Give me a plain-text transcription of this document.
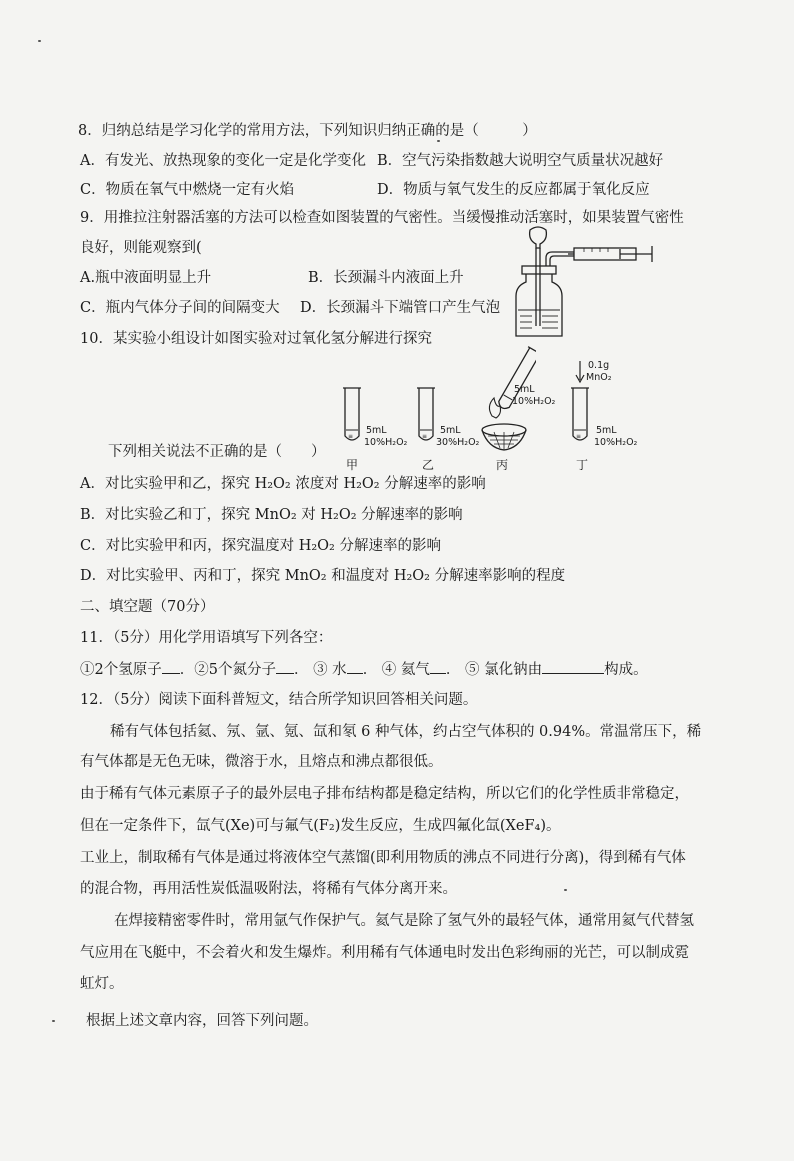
8．归纳总结是学习化学的常用方法，下列知识归纳正确的是（　　　）
A．有发光、放热现象的变化一定是化学变化 B．空气污染指数越大说明空气质量状况越好
C．物质在氧气中燃烧一定有火焰	D．物质与氧气发生的反应都属于氧化反应
9．用推拉注射器活塞的方法可以检查如图装置的气密性。当缓慢推动活塞时，如果装置气密性
良好，则能观察到(
A.瓶中液面明显上升	B．长颈漏斗内液面上升
C．瓶内气体分子间的间隔变大 D．长颈漏斗下端管口产生气泡
10．某实验小组设计如图实验对过氧化氢分解进行探究
≡
5mL
10%H₂O₂
甲
≡
5mL
30%H₂O₂
乙
5mL
10%H₂O₂
丙
0.1g
MnO₂
≡
5mL
10%H₂O₂
丁
下列相关说法不正确的是（　　）
A．对比实验甲和乙，探究 H₂O₂ 浓度对 H₂O₂ 分解速率的影响
B．对比实验乙和丁，探究 MnO₂ 对 H₂O₂ 分解速率的影响
C．对比实验甲和丙，探究温度对 H₂O₂ 分解速率的影响
D．对比实验甲、丙和丁，探究 MnO₂ 和温度对 H₂O₂ 分解速率影响的程度
二、填空题（70分）
11．（5分）用化学用语填写下列各空：
①2个氢原子 ．②5个氮分子 ． ③ 水 ． ④ 氦气 ． ⑤ 氯化钠由	构成。
12．（5分）阅读下面科普短文，结合所学知识回答相关问题。
稀有气体包括氦、氖、氩、氪、氙和氡 6 种气体，约占空气体积的 0.94%。常温常压下，稀
有气体都是无色无味，微溶于水，且熔点和沸点都很低。
由于稀有气体元素原子子的最外层电子排布结构都是稳定结构，所以它们的化学性质非常稳定，
但在一定条件下，氙气(Xe)可与氟气(F₂)发生反应，生成四氟化氙(XeF₄)。
工业上，制取稀有气体是通过将液体空气蒸馏(即利用物质的沸点不同进行分离)，得到稀有气体
的混合物，再用活性炭低温吸附法，将稀有气体分离开来。
在焊接精密零件时，常用氩气作保护气。氦气是除了氢气外的最轻气体，通常用氦气代替氢
气应用在飞艇中，不会着火和发生爆炸。利用稀有气体通电时发出色彩绚丽的光芒，可以制成霓
虹灯。
根据上述文章内容，回答下列问题。
